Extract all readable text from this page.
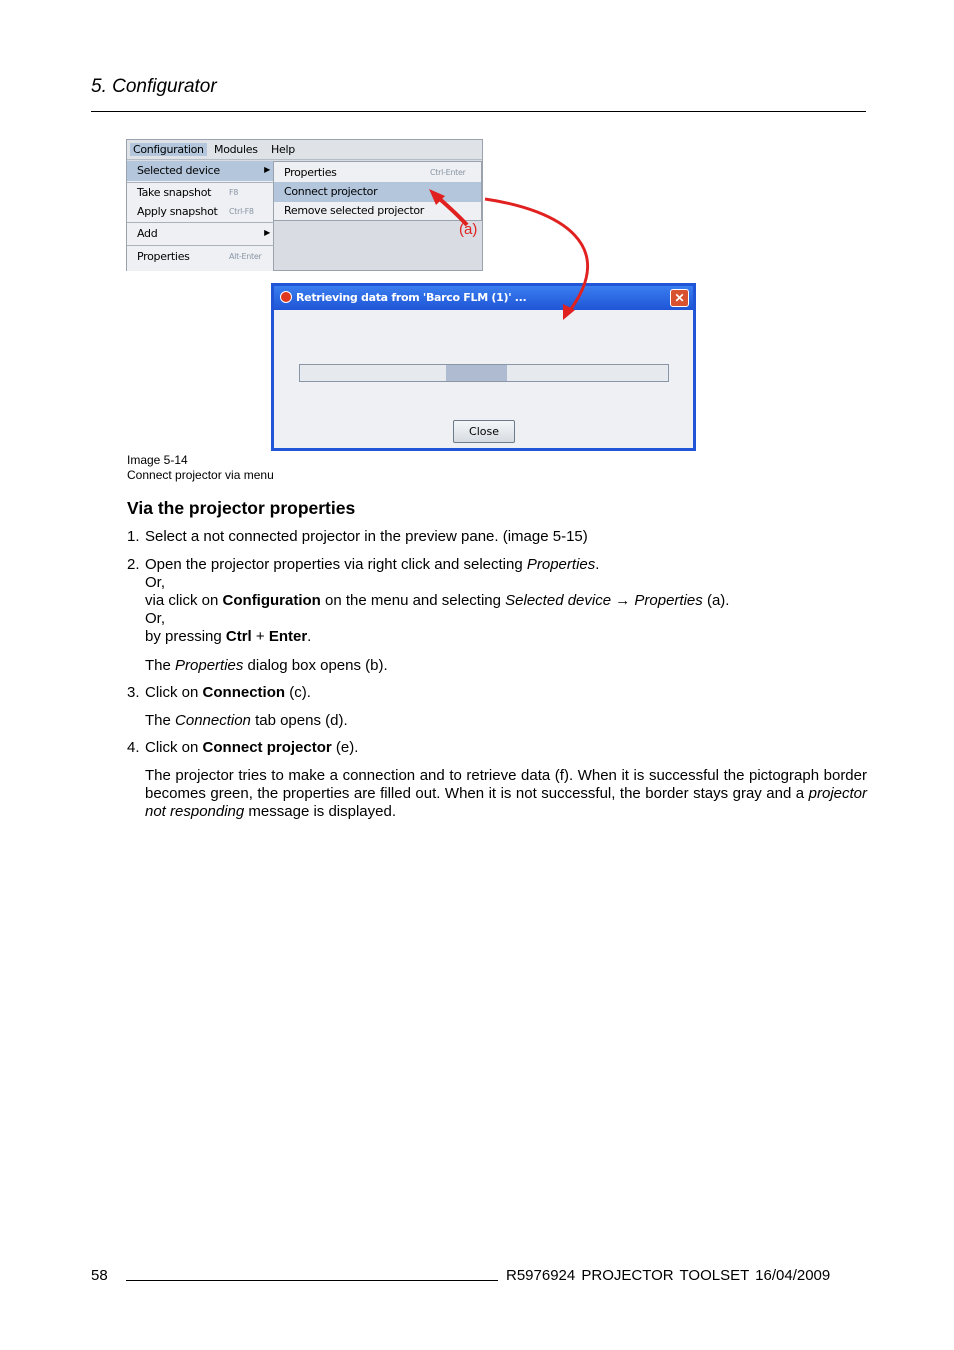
5. Configurator
Configuration Modules Help
Selected device	▶
Take snapshot F8
Apply snapshot Ctrl-F8
Add	▶
Properties	Alt-Enter
Properties	Ctrl-Enter
Connect projector
Remove selected projector
Retrieving data from 'Barco FLM (1)' ...	✕
Close
(a)
Image 5-14
Connect projector via menu
Via the projector properties
1. Select a not connected projector in the preview pane. (image 5-15)
2. Open the projector properties via right click and selecting Properties.
Or,
via click on Configuration on the menu and selecting Selected device → Properties (a).
Or,
by pressing Ctrl + Enter.
The Properties dialog box opens (b).
3. Click on Connection (c).
The Connection tab opens (d).
4. Click on Connect projector (e).
The projector tries to make a connection and to retrieve data (f). When it is successful the pictograph border becomes green, the properties are filled out. When it is not successful, the border stays gray and a projector not responding message is displayed.
58	R5976924 PROJECTOR TOOLSET 16/04/2009
